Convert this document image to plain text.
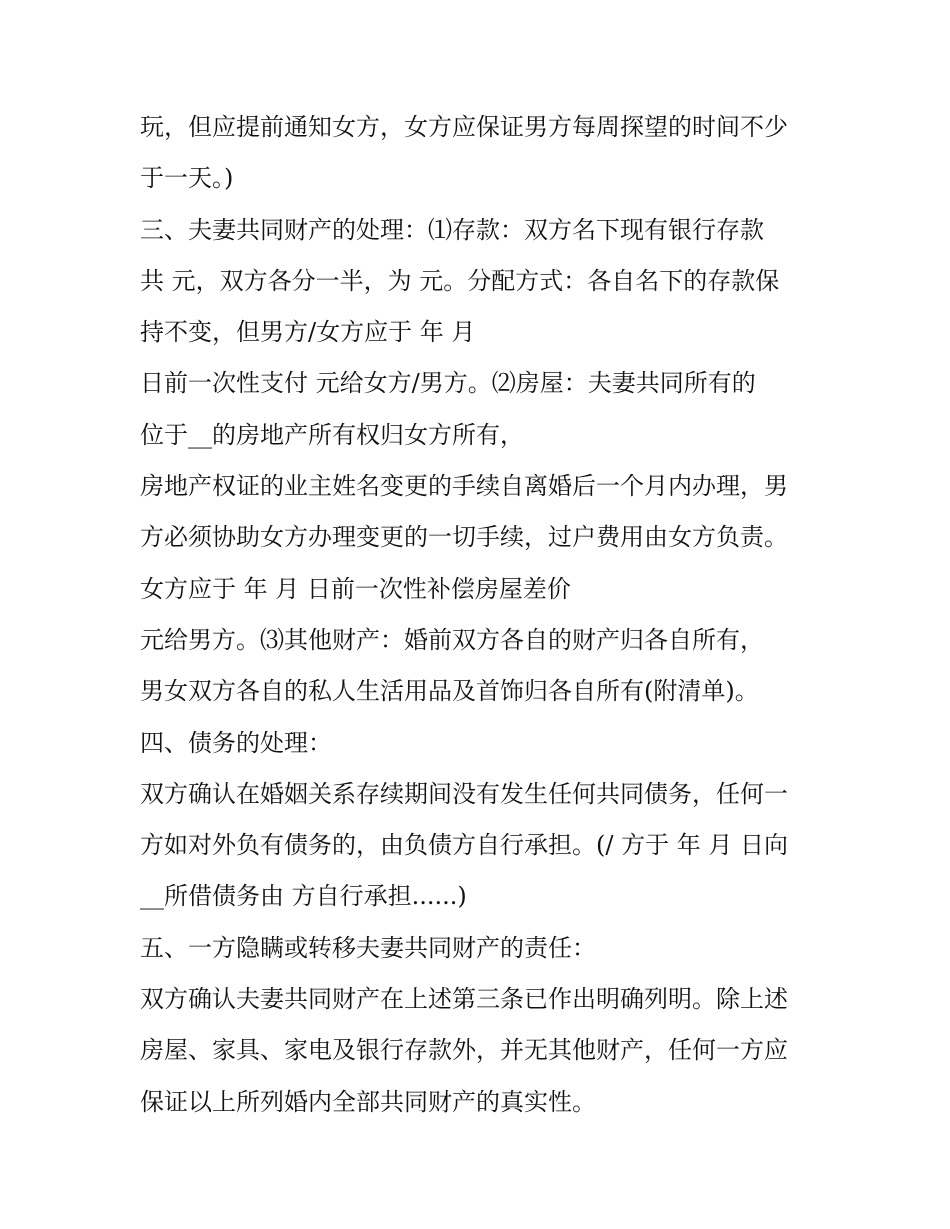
玩，但应提前通知女方，女方应保证男方每周探望的时间不少
于一天。)
三、夫妻共同财产的处理：⑴存款：双方名下现有银行存款
共 元，双方各分一半，为 元。分配方式：各自名下的存款保
持不变，但男方/女方应于 年 月
日前一次性支付 元给女方/男方。⑵房屋：夫妻共同所有的
位于__的房地产所有权归女方所有，
房地产权证的业主姓名变更的手续自离婚后一个月内办理，男
方必须协助女方办理变更的一切手续，过户费用由女方负责。
女方应于 年 月 日前一次性补偿房屋差价
元给男方。⑶其他财产：婚前双方各自的财产归各自所有，
男女双方各自的私人生活用品及首饰归各自所有(附清单)。
四、债务的处理：
双方确认在婚姻关系存续期间没有发生任何共同债务，任何一
方如对外负有债务的，由负债方自行承担。(/ 方于 年 月 日向
__所借债务由 方自行承担......)
五、一方隐瞒或转移夫妻共同财产的责任：
双方确认夫妻共同财产在上述第三条已作出明确列明。除上述
房屋、家具、家电及银行存款外，并无其他财产，任何一方应
保证以上所列婚内全部共同财产的真实性。
